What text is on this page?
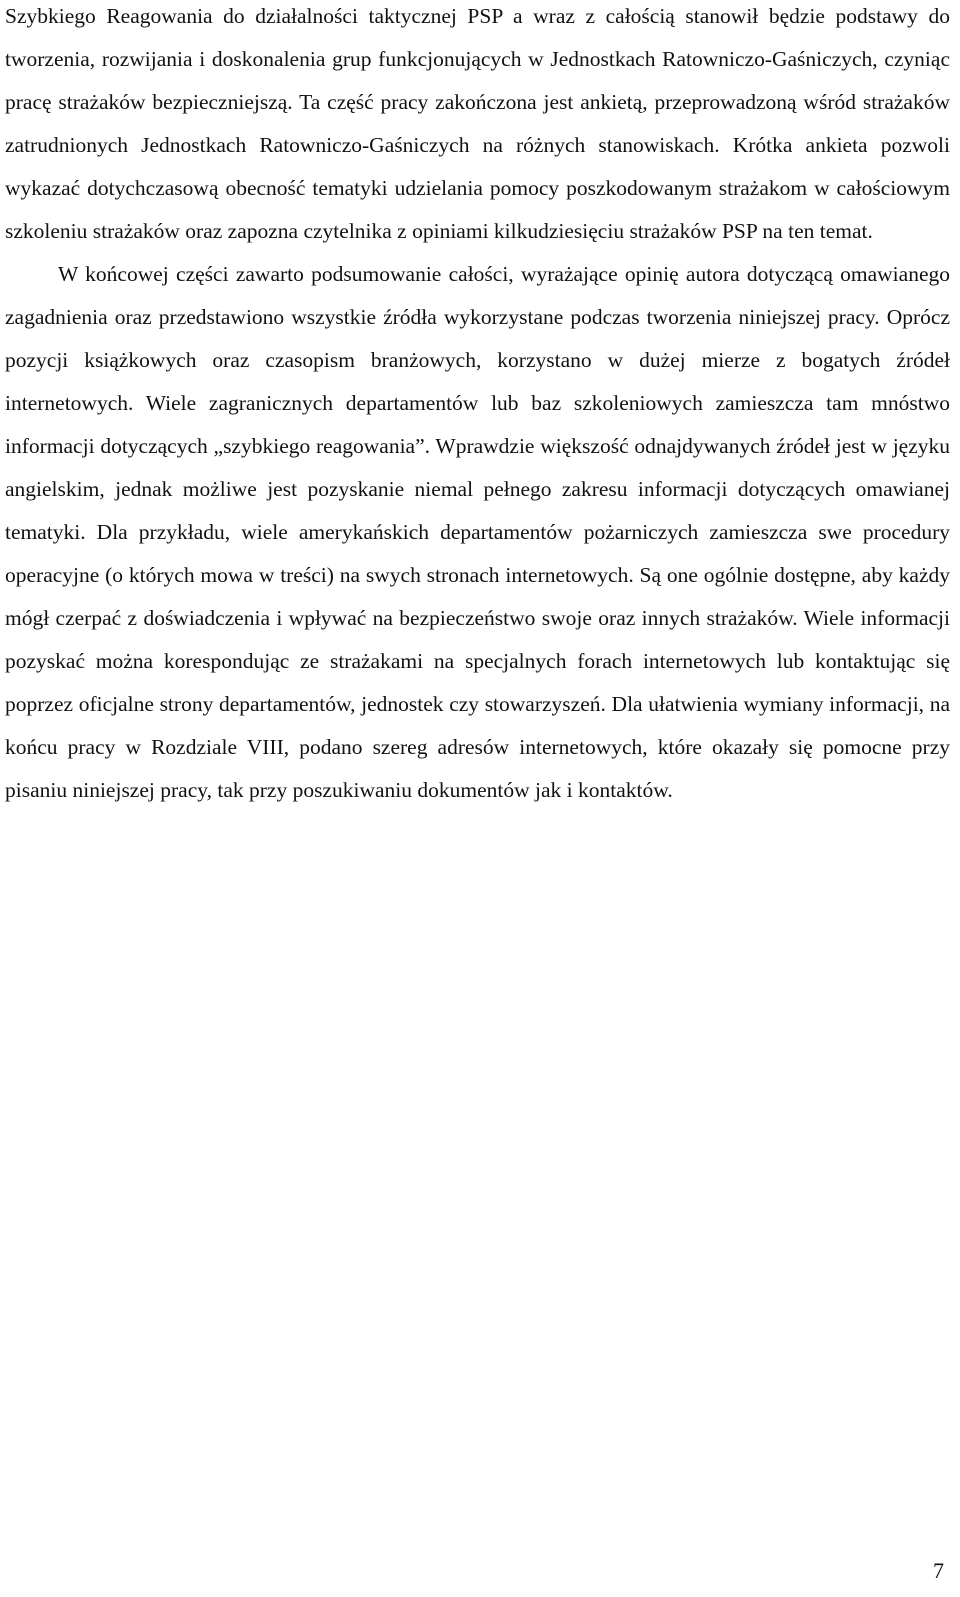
Szybkiego Reagowania do działalności taktycznej PSP a wraz z całością stanowił będzie podstawy do tworzenia, rozwijania i doskonalenia grup funkcjonujących w Jednostkach Ratowniczo-Gaśniczych, czyniąc pracę strażaków bezpieczniejszą. Ta część pracy zakończona jest ankietą, przeprowadzoną wśród strażaków zatrudnionych Jednostkach Ratowniczo-Gaśniczych na różnych stanowiskach. Krótka ankieta pozwoli wykazać dotychczasową obecność tematyki udzielania pomocy poszkodowanym strażakom w całościowym szkoleniu strażaków oraz zapozna czytelnika z opiniami kilkudziesięciu strażaków PSP na ten temat.

W końcowej części zawarto podsumowanie całości, wyrażające opinię autora dotyczącą omawianego zagadnienia oraz przedstawiono wszystkie źródła wykorzystane podczas tworzenia niniejszej pracy. Oprócz pozycji książkowych oraz czasopism branżowych, korzystano w dużej mierze z bogatych źródeł internetowych. Wiele zagranicznych departamentów lub baz szkoleniowych zamieszcza tam mnóstwo informacji dotyczących „szybkiego reagowania”. Wprawdzie większość odnajdywanych źródeł jest w języku angielskim, jednak możliwe jest pozyskanie niemal pełnego zakresu informacji dotyczących omawianej tematyki. Dla przykładu, wiele amerykańskich departamentów pożarniczych zamieszcza swe procedury operacyjne (o których mowa w treści) na swych stronach internetowych. Są one ogólnie dostępne, aby każdy mógł czerpać z doświadczenia i wpływać na bezpieczeństwo swoje oraz innych strażaków. Wiele informacji pozyskać można korespondując ze strażakami na specjalnych forach internetowych lub kontaktując się poprzez oficjalne strony departamentów, jednostek czy stowarzyszeń. Dla ułatwienia wymiany informacji, na końcu pracy w Rozdziale VIII, podano szereg adresów internetowych, które okazały się pomocne przy pisaniu niniejszej pracy, tak przy poszukiwaniu dokumentów jak i kontaktów.

7
